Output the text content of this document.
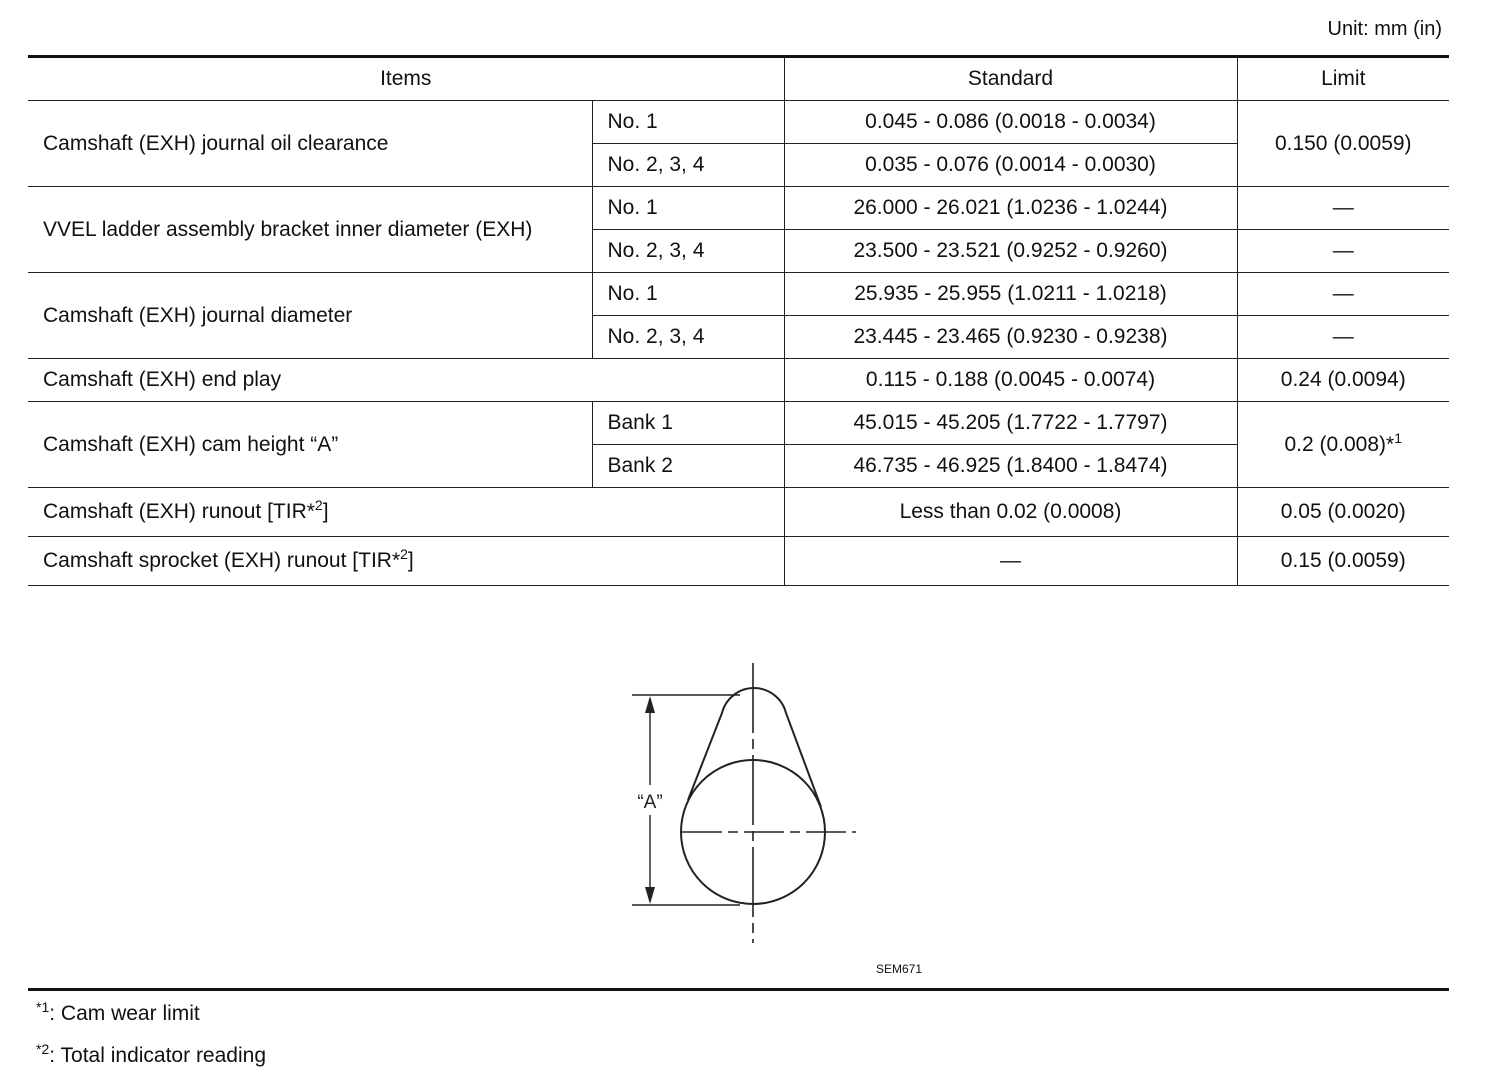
Unit: mm (in)
Items		Standard	Limit
Camshaft (EXH) journal oil clearance	No. 1	0.045 - 0.086 (0.0018 - 0.0034)	0.150 (0.0059)
	No. 2, 3, 4	0.035 - 0.076 (0.0014 - 0.0030)	
VVEL ladder assembly bracket inner diameter (EXH)	No. 1	26.000 - 26.021 (1.0236 - 1.0244)	—
	No. 2, 3, 4	23.500 - 23.521 (0.9252 - 0.9260)	—
Camshaft (EXH) journal diameter	No. 1	25.935 - 25.955 (1.0211 - 1.0218)	—
	No. 2, 3, 4	23.445 - 23.465 (0.9230 - 0.9238)	—
Camshaft (EXH) end play		0.115 - 0.188 (0.0045 - 0.0074)	0.24 (0.0094)
Camshaft (EXH) cam height “A”	Bank 1	45.015 - 45.205 (1.7722 - 1.7797)	0.2 (0.008)*$^1$
	Bank 2	46.735 - 46.925 (1.8400 - 1.8474)	
Camshaft (EXH) runout [TIR*$^2$]		Less than 0.02 (0.0008)	0.05 (0.0020)
Camshaft sprocket (EXH) runout [TIR*$^2$]		—	0.15 (0.0059)
“A”
SEM671
$^{*1}$: Cam wear limit
$^{*2}$: Total indicator reading
